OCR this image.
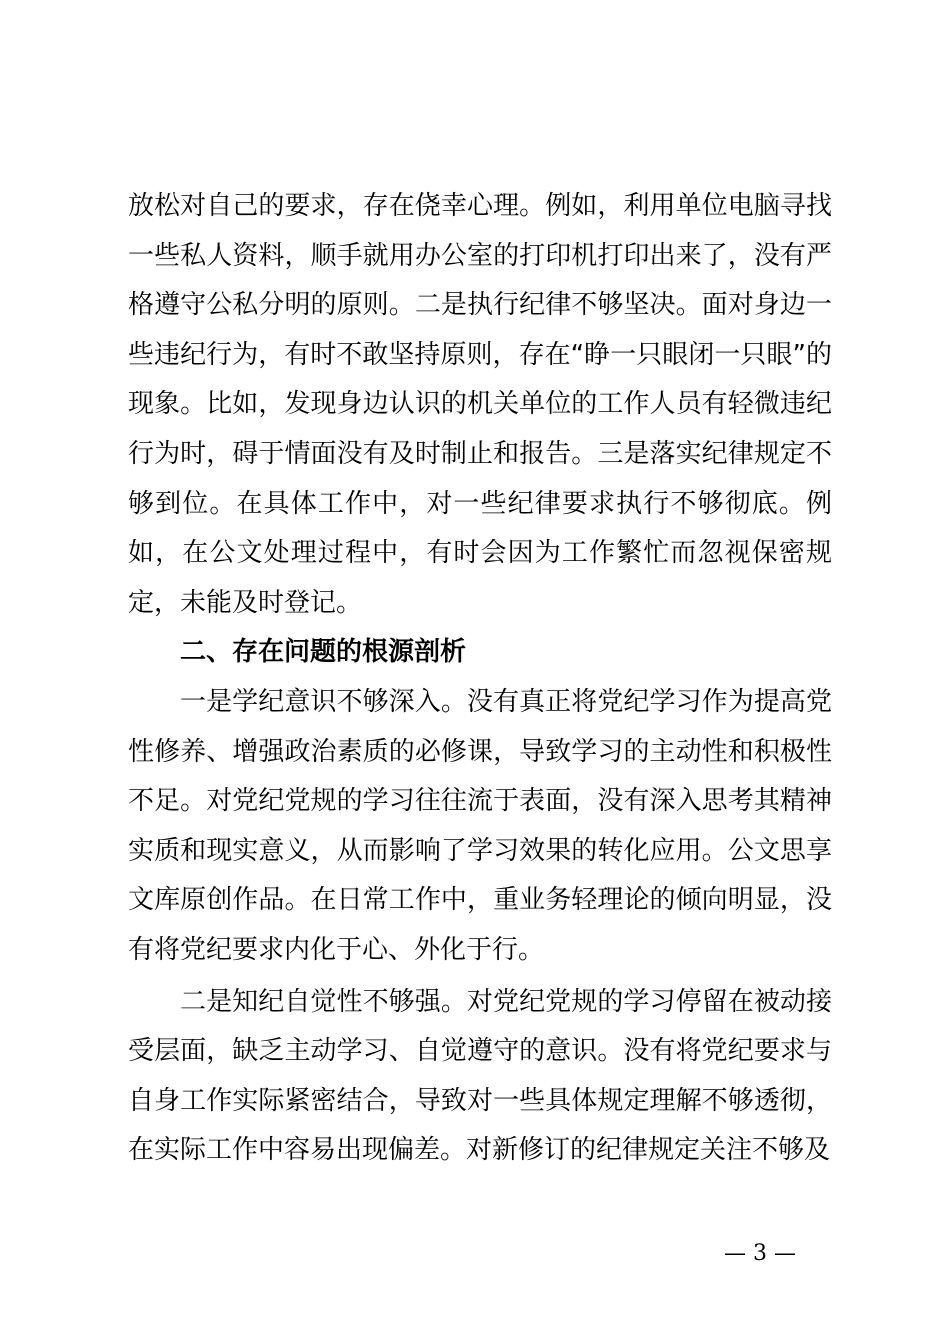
放松对自己的要求，存在侥幸心理。例如，利用单位电脑寻找一些私人资料，顺手就用办公室的打印机打印出来了，没有严格遵守公私分明的原则。二是执行纪律不够坚决。面对身边一些违纪行为，有时不敢坚持原则，存在“睁一只眼闭一只眼”的现象。比如，发现身边认识的机关单位的工作人员有轻微违纪行为时，碍于情面没有及时制止和报告。三是落实纪律规定不够到位。在具体工作中，对一些纪律要求执行不够彻底。例如，在公文处理过程中，有时会因为工作繁忙而忽视保密规定，未能及时登记。

二、存在问题的根源剖析

一是学纪意识不够深入。没有真正将党纪学习作为提高党性修养、增强政治素质的必修课，导致学习的主动性和积极性不足。对党纪党规的学习往往流于表面，没有深入思考其精神实质和现实意义，从而影响了学习效果的转化应用。公文思享文库原创作品。在日常工作中，重业务轻理论的倾向明显，没有将党纪要求内化于心、外化于行。

二是知纪自觉性不够强。对党纪党规的学习停留在被动接受层面，缺乏主动学习、自觉遵守的意识。没有将党纪要求与自身工作实际紧密结合，导致对一些具体规定理解不够透彻，在实际工作中容易出现偏差。对新修订的纪律规定关注不够及

— 3 —
